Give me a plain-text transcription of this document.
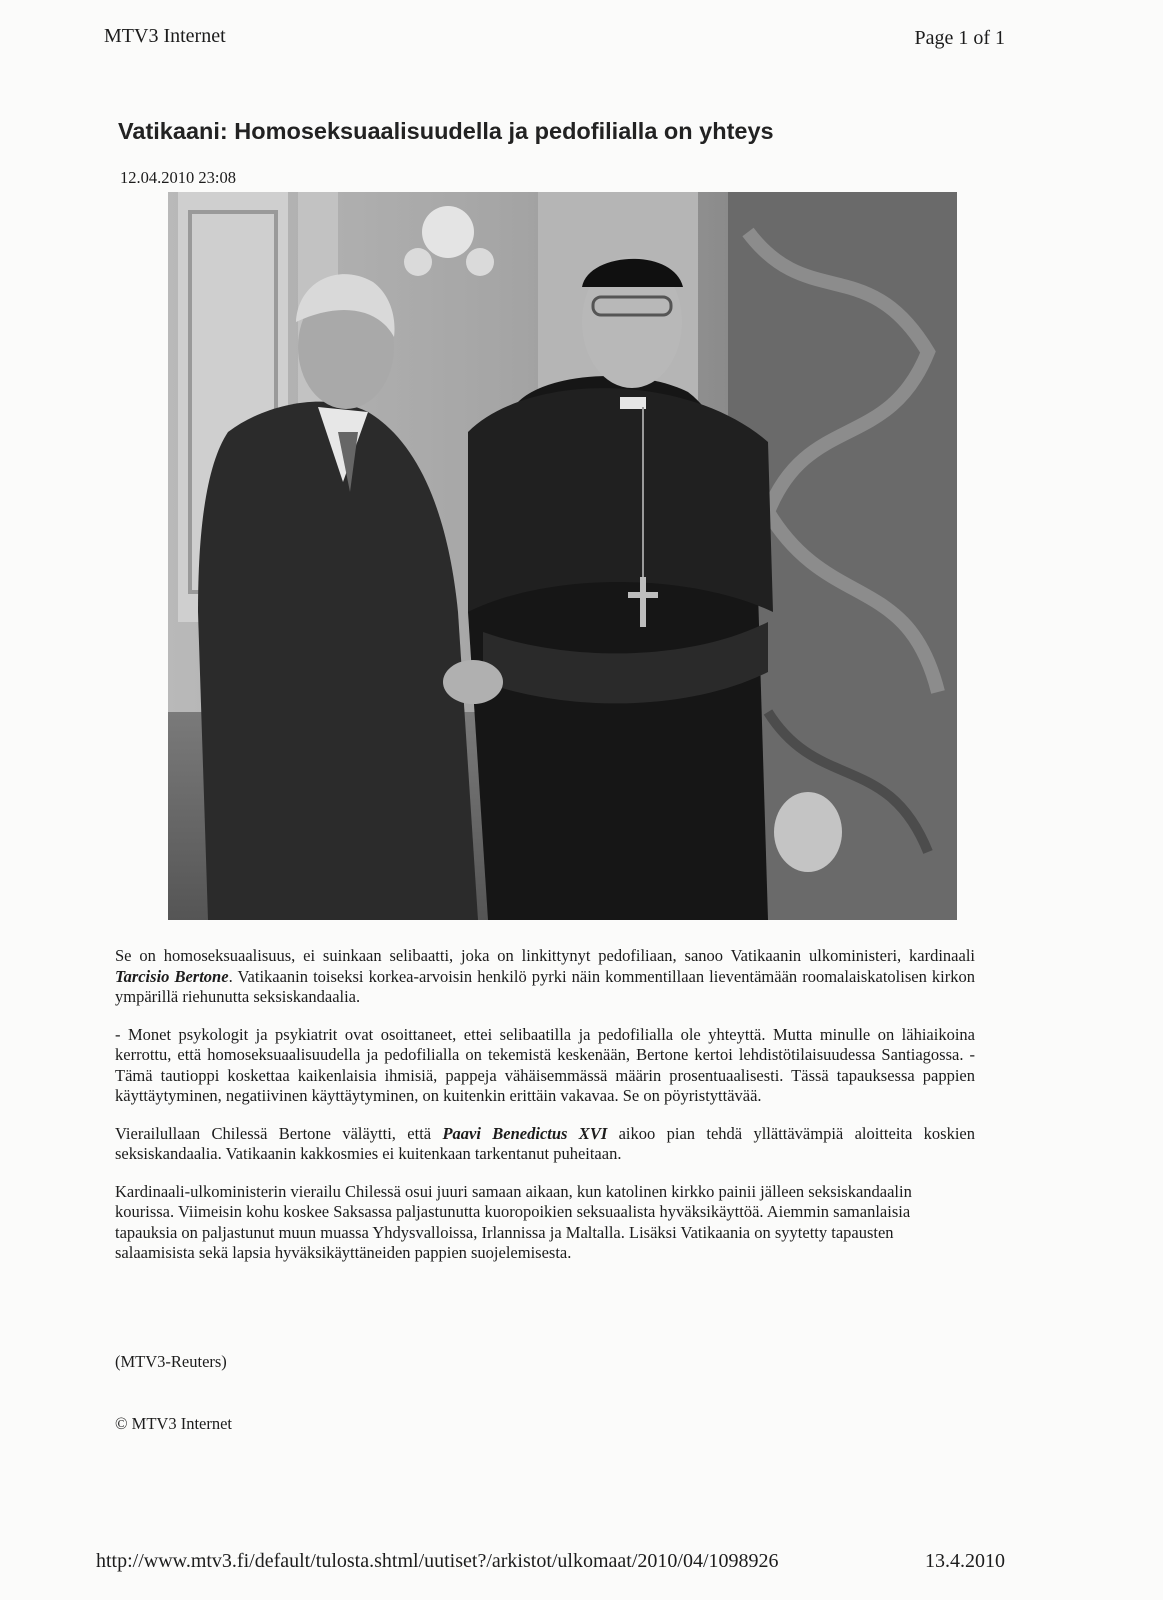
MTV3 Internet	Page 1 of 1
Vatikaani: Homoseksuaalisuudella ja pedofilialla on yhteys
12.04.2010 23:08

Se on homoseksuaalisuus, ei suinkaan selibaatti, joka on linkittynyt pedofiliaan, sanoo Vatikaanin ulkoministeri, kardinaali Tarcisio Bertone. Vatikaanin toiseksi korkea-arvoisin henkilö pyrki näin kommentillaan lieventämään roomalaiskatolisen kirkon ympärillä riehunutta seksiskandaalia.

- Monet psykologit ja psykiatrit ovat osoittaneet, ettei selibaatilla ja pedofilialla ole yhteyttä. Mutta minulle on lähiaikoina kerrottu, että homoseksuaalisuudella ja pedofilialla on tekemistä keskenään, Bertone kertoi lehdistötilaisuudessa Santiagossa. - Tämä tautioppi koskettaa kaikenlaisia ihmisiä, pappeja vähäisemmässä määrin prosentuaalisesti. Tässä tapauksessa pappien käyttäytyminen, negatiivinen käyttäytyminen, on kuitenkin erittäin vakavaa. Se on pöyristyttävää.

Vierailullaan Chilessä Bertone väläytti, että Paavi Benedictus XVI aikoo pian tehdä yllättävämpiä aloitteita koskien seksiskandaalia. Vatikaanin kakkosmies ei kuitenkaan tarkentanut puheitaan.

Kardinaali-ulkoministerin vierailu Chilessä osui juuri samaan aikaan, kun katolinen kirkko painii jälleen seksiskandaalin kourissa. Viimeisin kohu koskee Saksassa paljastunutta kuoropoikien seksuaalista hyväksikäyttöä. Aiemmin samanlaisia tapauksia on paljastunut muun muassa Yhdysvalloissa, Irlannissa ja Maltalla. Lisäksi Vatikaania on syytetty tapausten salaamisista sekä lapsia hyväksikäyttäneiden pappien suojelemisesta.

(MTV3-Reuters)

© MTV3 Internet

http://www.mtv3.fi/default/tulosta.shtml/uutiset?/arkistot/ulkomaat/2010/04/1098926	13.4.2010
